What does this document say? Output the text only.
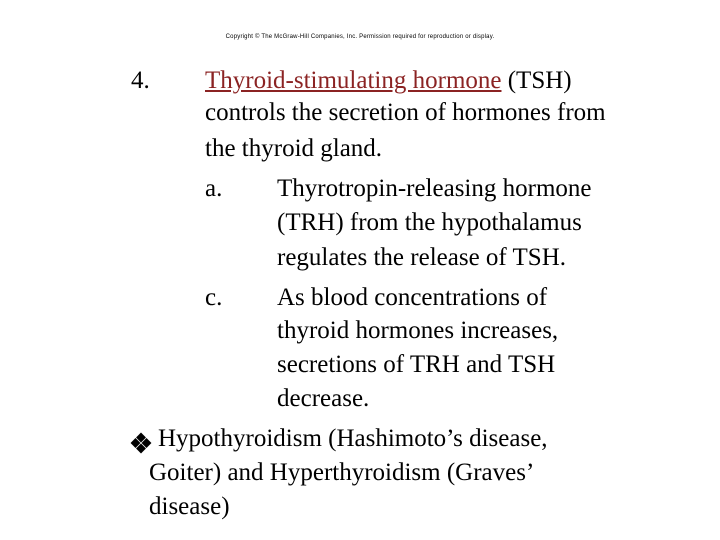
Copyright © The McGraw-Hill Companies, Inc. Permission required for reproduction or display.

4. Thyroid-stimulating hormone (TSH)

controls the secretion of hormones from

the thyroid gland.

a. Thyrotropin-releasing hormone

(TRH) from the hypothalamus

regulates the release of TSH.

c. As blood concentrations of

thyroid hormones increases,

secretions of TRH and TSH

decrease.

Hypothyroidism (Hashimoto’s disease,

Goiter) and Hyperthyroidism (Graves’

disease)
